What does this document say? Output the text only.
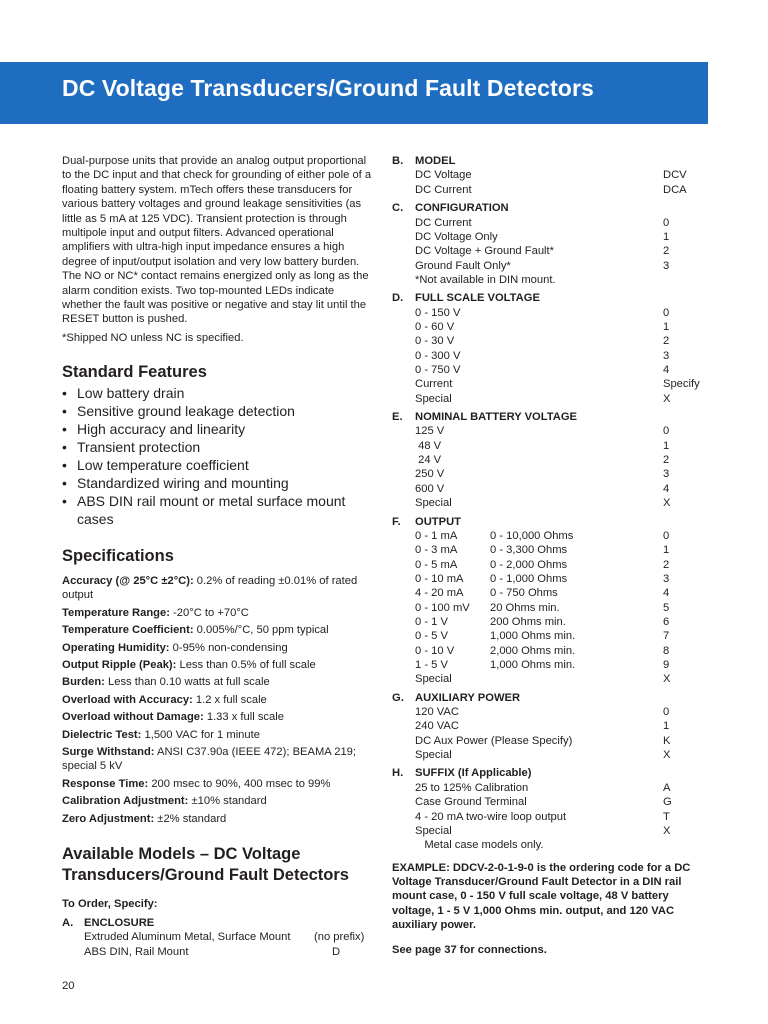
DC Voltage Transducers/Ground Fault Detectors

Dual-purpose units that provide an analog output proportional to the DC input and that check for grounding of either pole of a floating battery system. mTech offers these transducers for various battery voltages and ground leakage sensitivities (as little as 5 mA at 125 VDC). Transient protection is through multipole input and output filters. Advanced operational amplifiers with ultra-high input impedance ensures a high degree of input/output isolation and very low battery burden. The NO or NC* contact remains energized only as long as the alarm condition exists. Two top-mounted LEDs indicate whether the fault was positive or negative and stay lit until the RESET button is pushed.

*Shipped NO unless NC is specified.

Standard Features
• Low battery drain
• Sensitive ground leakage detection
• High accuracy and linearity
• Transient protection
• Low temperature coefficient
• Standardized wiring and mounting
• ABS DIN rail mount or metal surface mount cases
Specifications

Accuracy (@ 25°C ±2°C): 0.2% of reading ±0.01% of rated output

Temperature Range: -20°C to +70°C

Temperature Coefficient: 0.005%/°C, 50 ppm typical

Operating Humidity: 0-95% non-condensing

Output Ripple (Peak): Less than 0.5% of full scale

Burden: Less than 0.10 watts at full scale

Overload with Accuracy: 1.2 x full scale

Overload without Damage: 1.33 x full scale

Dielectric Test: 1,500 VAC for 1 minute

Surge Withstand: ANSI C37.90a (IEEE 472); BEAMA 219; special 5 kV

Response Time: 200 msec to 90%, 400 msec to 99%

Calibration Adjustment: ±10% standard

Zero Adjustment: ±2% standard

Available Models – DC Voltage Transducers/Ground Fault Detectors

To Order, Specify:

A. ENCLOSURE
Extruded Aluminum Metal, Surface Mount	(no prefix)
ABS DIN, Rail Mount	D
B.	MODEL
DC Voltage	DCV
DC Current	DCA
C.	CONFIGURATION
DC Current	0
DC Voltage Only	1
DC Voltage + Ground Fault*	2
Ground Fault Only*	3
*Not available in DIN mount.
D.	FULL SCALE VOLTAGE
0 - 150 V	0
0 - 60 V	1
0 - 30 V	2
0 - 300 V	3
0 - 750 V	4
Current	Specify
Special	X
E.	NOMINAL BATTERY VOLTAGE
125 V	0
48 V	1
24 V	2
250 V	3
600 V	4
Special	X
F.	OUTPUT
0 - 1 mA	0 - 10,000 Ohms	0
0 - 3 mA	0 - 3,300 Ohms	1
0 - 5 mA	0 - 2,000 Ohms	2
0 - 10 mA 0 - 1,000 Ohms	3
4 - 20 mA 0 - 750 Ohms	4
0 - 100 mV 20 Ohms min.	5
0 - 1 V	200 Ohms min.	6
0 - 5 V	1,000 Ohms min.	7
0 - 10 V	2,000 Ohms min.	8
1 - 5 V	1,000 Ohms min.	9
Special	X
G. AUXILIARY POWER
120 VAC	0
240 VAC	1
DC Aux Power (Please Specify)	K
Special	X
H.	SUFFIX (If Applicable)
25 to 125% Calibration	A
Case Ground Terminal	G
4 - 20 mA two-wire loop output	T
Special	X
Metal case models only.

EXAMPLE: DDCV-2-0-1-9-0 is the ordering code for a DC Voltage Transducer/Ground Fault Detector in a DIN rail mount case, 0 - 150 V full scale voltage, 48 V battery voltage, 1 - 5 V 1,000 Ohms min. output, and 120 VAC auxiliary power.

See page 37 for connections.

20
